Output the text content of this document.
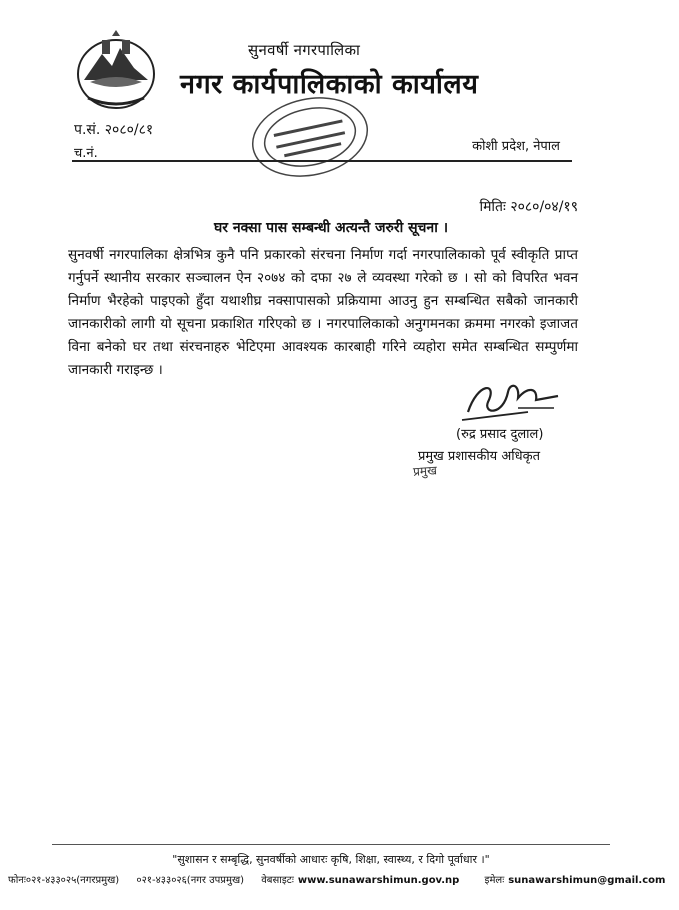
सुनवर्षी नगरपालिका
नगर कार्यपालिकाको कार्यालय
प.सं. २०८०/८१
च.नं.	कोशी प्रदेश, नेपाल
मितिः २०८०/०४/१९
घर नक्सा पास सम्बन्धी अत्यन्तै जरुरी सूचना ।
सुनवर्षी नगरपालिका क्षेत्रभित्र कुनै पनि प्रकारको संरचना निर्माण गर्दा नगरपालिकाको पूर्व स्वीकृति प्राप्त गर्नुपर्ने स्थानीय सरकार सञ्चालन ऐन २०७४ को दफा २७ ले व्यवस्था गरेको छ । सो को विपरित भवन निर्माण भैरहेको पाइएको हुँदा यथाशीघ्र नक्सापासको प्रक्रियामा आउनु हुन सम्बन्धित सबैको जानकारी जानकारीको लागी यो सूचना प्रकाशित गरिएको छ । नगरपालिकाको अनुगमनका क्रममा नगरको इजाजत विना बनेको घर तथा संरचनाहरु भेटिएमा आवश्यक कारबाही गरिने व्यहोरा समेत सम्बन्धित सम्पुर्णमा जानकारी गराइन्छ ।
(रुद्र प्रसाद दुलाल)
प्रमुख प्रशासकीय अधिकृत
प्रमुख
"सुशासन र सम्बृद्धि, सुनवर्षीको आधारः कृषि, शिक्षा, स्वास्थ्य, र दिगो पूर्वाधार ।"
फोनः०२१-४३३०२५(नगरप्रमुख) ०२१-४३३०२६(नगर उपप्रमुख) वेबसाइटः www.sunawarshimun.gov.np	इमेलः sunawarshimun@gmail.com
